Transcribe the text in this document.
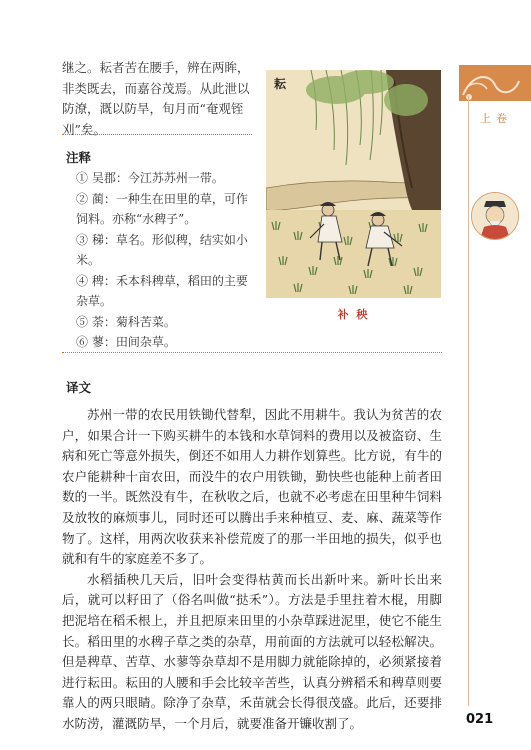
继之。耘者苦在腰手，辨在两眸，非类既去，而嘉谷茂焉。从此泄以防潦，溉以防旱，旬月而“奄观铚刈”矣。
注释

① 吴郡：今江苏苏州一带。

② 蔺：一种生在田里的草，可作饲料。亦称“水稗子”。

③ 稊：草名。形似稗，结实如小米。

④ 稗：禾本科稗草，稻田的主要杂草。

⑤ 荼：菊科苦菜。

⑥ 蓼：田间杂草。

耘
补 秧
上卷
译文

苏州一带的农民用铁锄代替犁，因此不用耕牛。我认为贫苦的农户，如果合计一下购买耕牛的本钱和水草饲料的费用以及被盗窃、生病和死亡等意外损失，倒还不如用人力耕作划算些。比方说，有牛的农户能耕种十亩农田，而没牛的农户用铁锄，勤快些也能种上前者田数的一半。既然没有牛，在秋收之后，也就不必考虑在田里种牛饲料及放牧的麻烦事儿，同时还可以腾出手来种植豆、麦、麻、蔬菜等作物了。这样，用两次收获来补偿荒废了的那一半田地的损失，似乎也就和有牛的家庭差不多了。

水稻插秧几天后，旧叶会变得枯黄而长出新叶来。新叶长出来后，就可以耔田了（俗名叫做“挞禾”）。方法是手里拄着木棍，用脚把泥培在稻禾根上，并且把原来田里的小杂草踩进泥里，使它不能生长。稻田里的水稗子草之类的杂草，用前面的方法就可以轻松解决。但是稗草、苦草、水蓼等杂草却不是用脚力就能除掉的，必须紧接着进行耘田。耘田的人腰和手会比较辛苦些，认真分辨稻禾和稗草则要靠人的两只眼睛。除净了杂草，禾苗就会长得很茂盛。此后，还要排水防涝，灌溉防旱，一个月后，就要准备开镰收割了。	021
